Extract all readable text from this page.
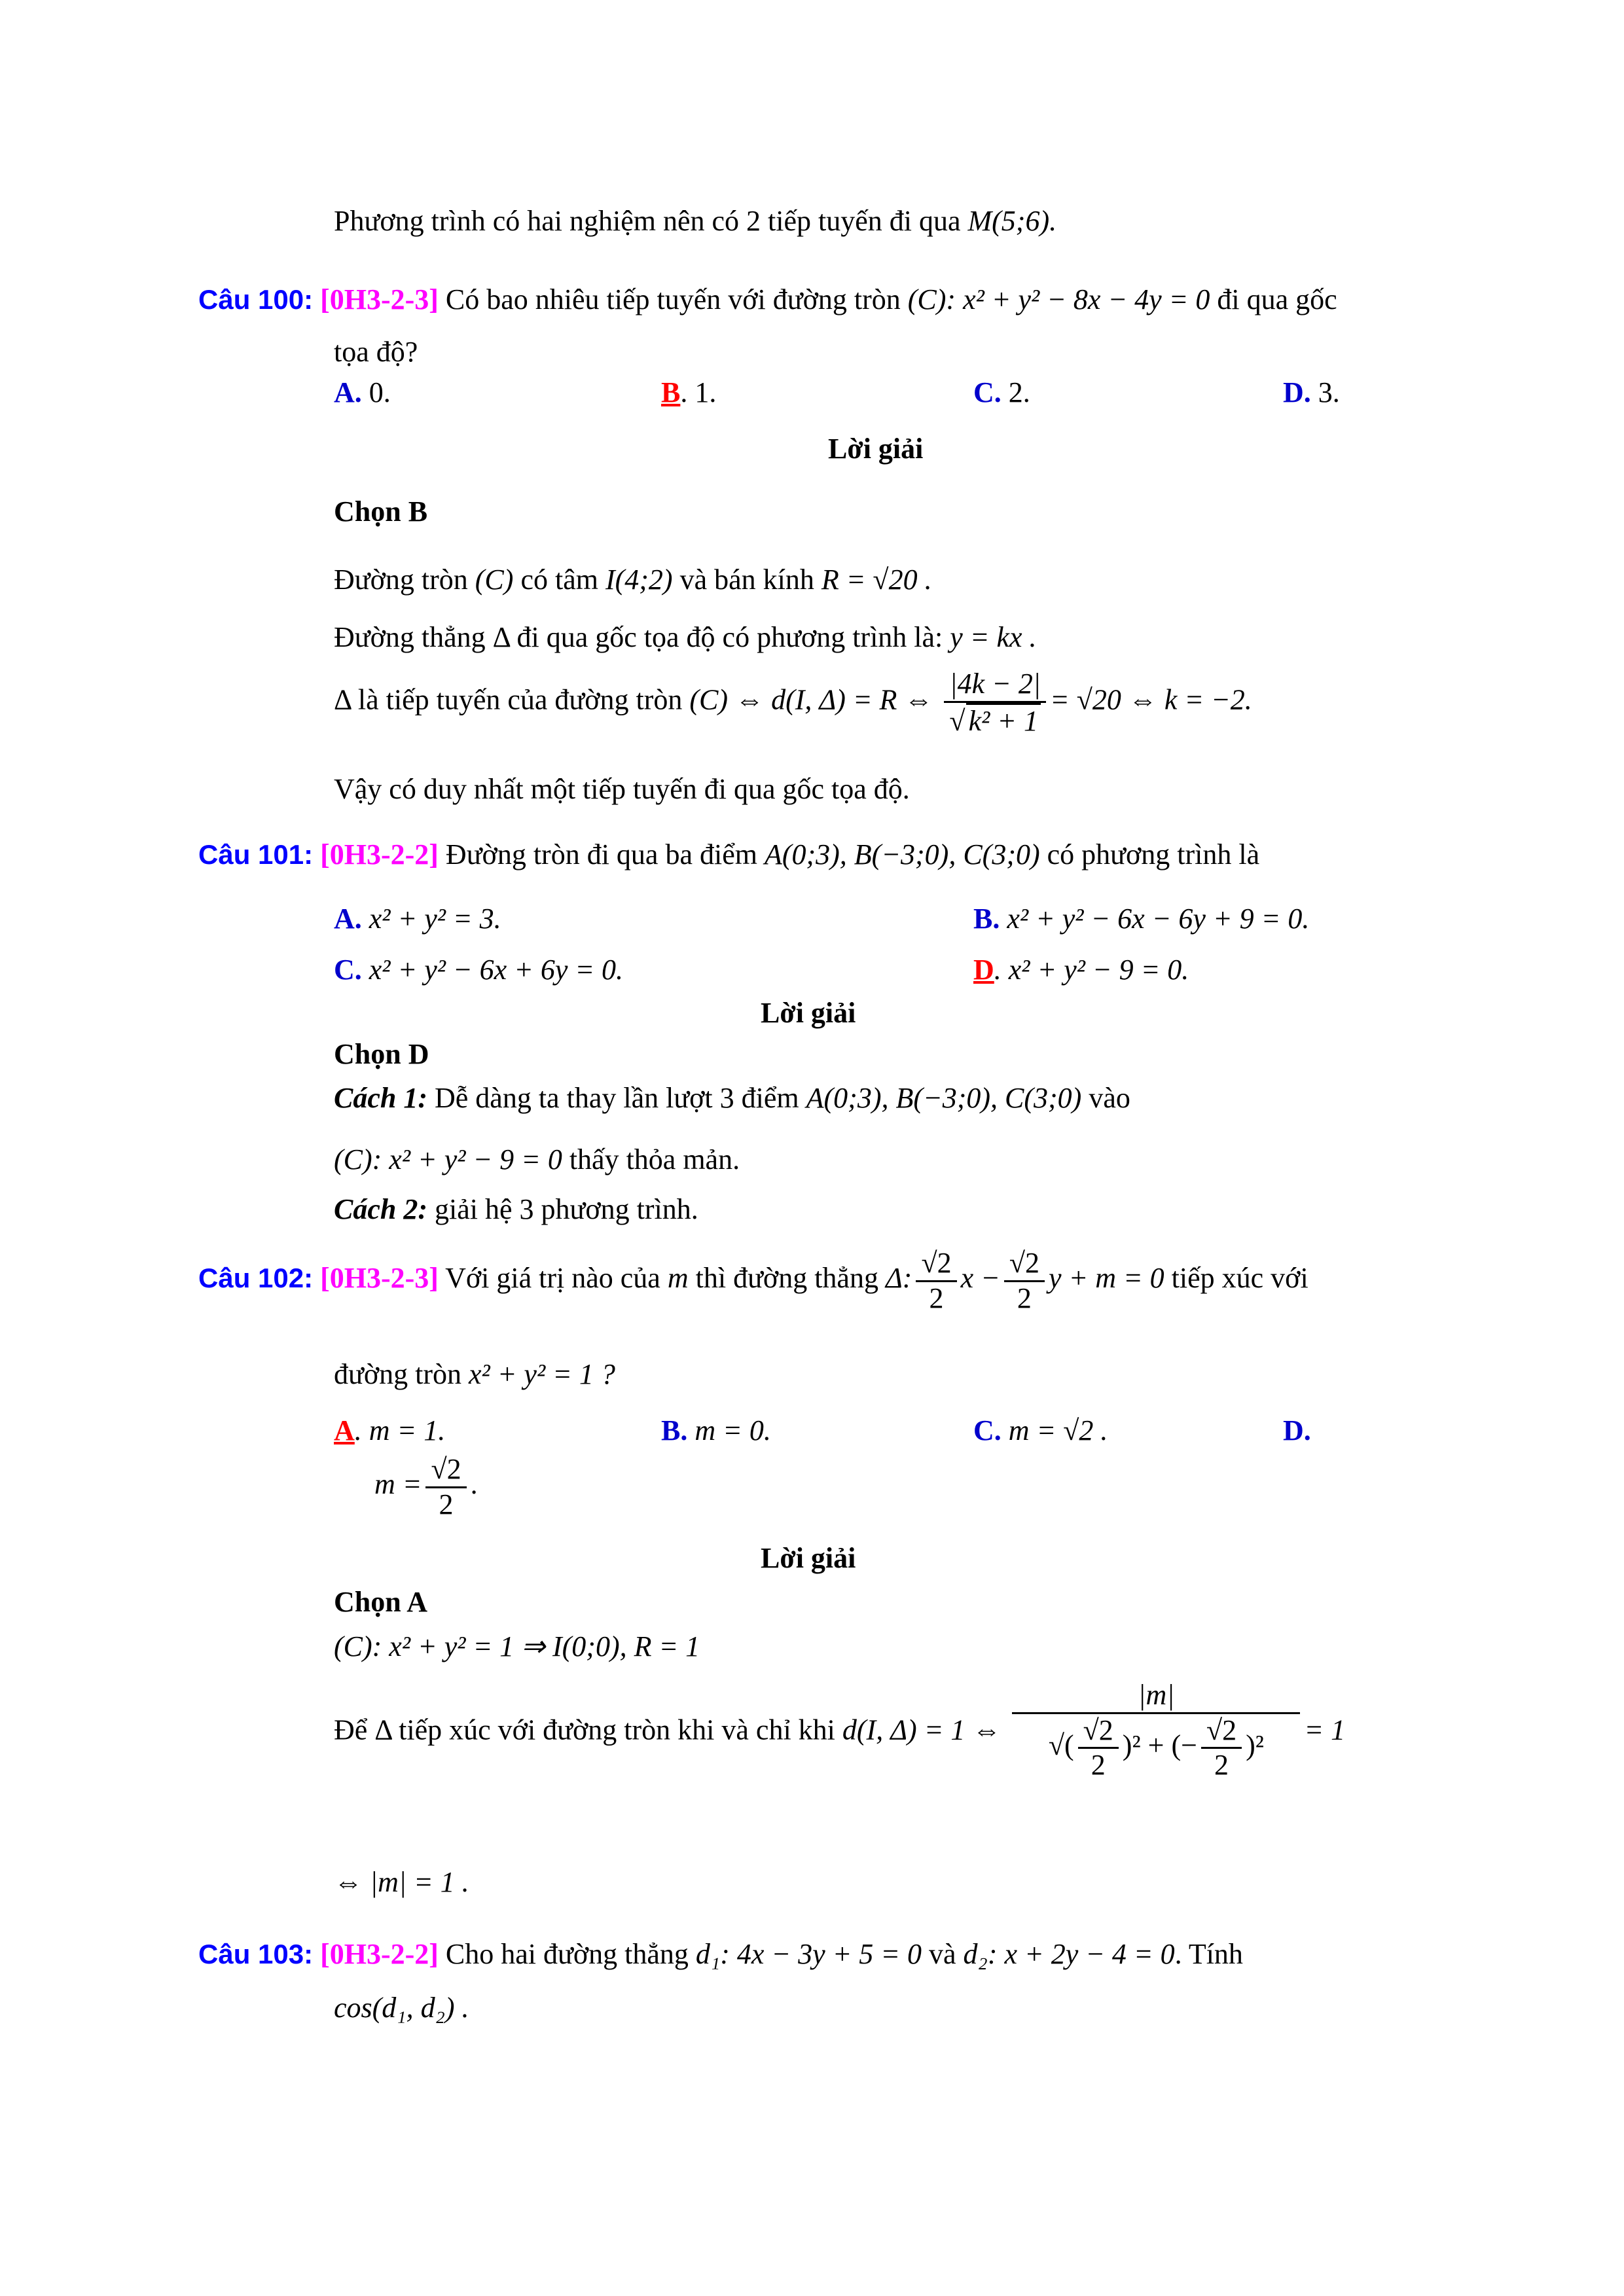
Phương trình có hai nghiệm nên có 2 tiếp tuyến đi qua M(5;6).
Câu 100: [0H3-2-3] Có bao nhiêu tiếp tuyến với đường tròn (C): x² + y² − 8x − 4y = 0 đi qua gốc
tọa độ?
A. 0.	B. 1.	C. 2.	D. 3.
Lời giải
Chọn B
Đường tròn (C) có tâm I(4;2) và bán kính R = √20 .
Đường thẳng Δ đi qua gốc tọa độ có phương trình là: y = kx .
Δ là tiếp tuyến của đường tròn (C) ⇔ d(I, Δ) = R ⇔ $\frac{|4k - 2|}{\text{√ k² + 1}} = √20$ ⇔ k = −2.
Vậy có duy nhất một tiếp tuyến đi qua gốc tọa độ.
Câu 101: [0H3-2-2] Đường tròn đi qua ba điểm A(0;3), B(−3;0), C(3;0) có phương trình là
A. x² + y² = 3.	B. x² + y² − 6x − 6y + 9 = 0.
C. x² + y² − 6x + 6y = 0.	D. x² + y² − 9 = 0.
Lời giải
Chọn D
Cách 1: Dễ dàng ta thay lần lượt 3 điểm A(0;3), B(−3;0), C(3;0) vào
(C): x² + y² − 9 = 0 thấy thỏa mản.
Cách 2: giải hệ 3 phương trình.
Câu 102: [0H3-2-3] Với giá trị nào của m thì đường thẳng Δ: $\frac{√2}{2}$ $x - \frac{√2}{2}$ y + m = 0 tiếp xúc với
đường tròn x² + y² = 1 ?
A. m = 1.	B. m = 0.	C. m = √2 .	D.
$m = \frac{√2}{2}$ .
Lời giải
Chọn A
(C): x² + y² = 1 ⇒ I(0;0), R = 1
Để Δ tiếp xúc với đường tròn khi và chỉ khi d(I, Δ) = 1 ⇔ $\frac{|m|}{√( \frac{√2}{2} )^2 + (- \frac{√2}{2} )^2} = 1$
⇔ |m| = 1 .
Câu 103: [0H3-2-2] Cho hai đường thẳng d₁: 4x − 3y + 5 = 0 và d₂: x + 2y − 4 = 0. Tính
cos(d₁, d₂) .
